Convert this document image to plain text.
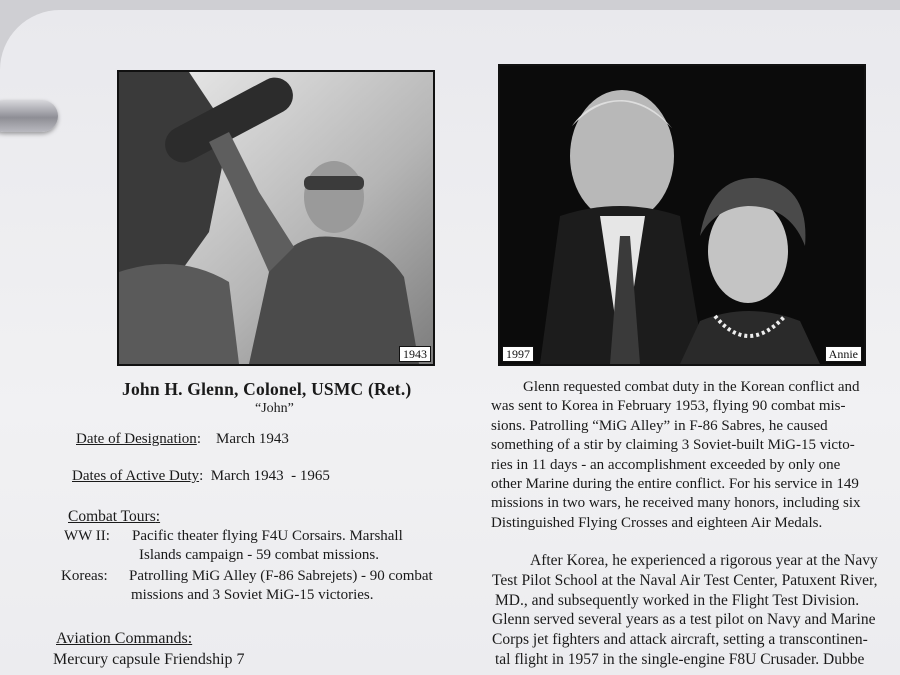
1943	1997	Annie
John H. Glenn, Colonel, USMC (Ret.)
“John”
Date of Designation:    March 1943
Dates of Active Duty:  March 1943  - 1965
Combat Tours:
WW II: Pacific theater flying F4U Corsairs. Marshall
Islands campaign - 59 combat missions.
Koreas: Patrolling MiG Alley (F-86 Sabrejets) - 90 combat
missions and 3 Soviet MiG-15 victories.
Aviation Commands:
Mercury capsule Friendship 7
Glenn requested combat duty in the Korean conflict and
was sent to Korea in February 1953, flying 90 combat mis-
sions. Patrolling “MiG Alley” in F-86 Sabres, he caused
something of a stir by claiming 3 Soviet-built MiG-15 victo-
ries in 11 days - an accomplishment exceeded by only one
other Marine during the entire conflict. For his service in 149
missions in two wars, he received many honors, including six
Distinguished Flying Crosses and eighteen Air Medals.
After Korea, he experienced a rigorous year at the Navy
Test Pilot School at the Naval Air Test Center, Patuxent River,
MD., and subsequently worked in the Flight Test Division.
Glenn served several years as a test pilot on Navy and Marine
Corps jet fighters and attack aircraft, setting a transcontinen-
tal flight in 1957 in the single-engine F8U Crusader. Dubbe
